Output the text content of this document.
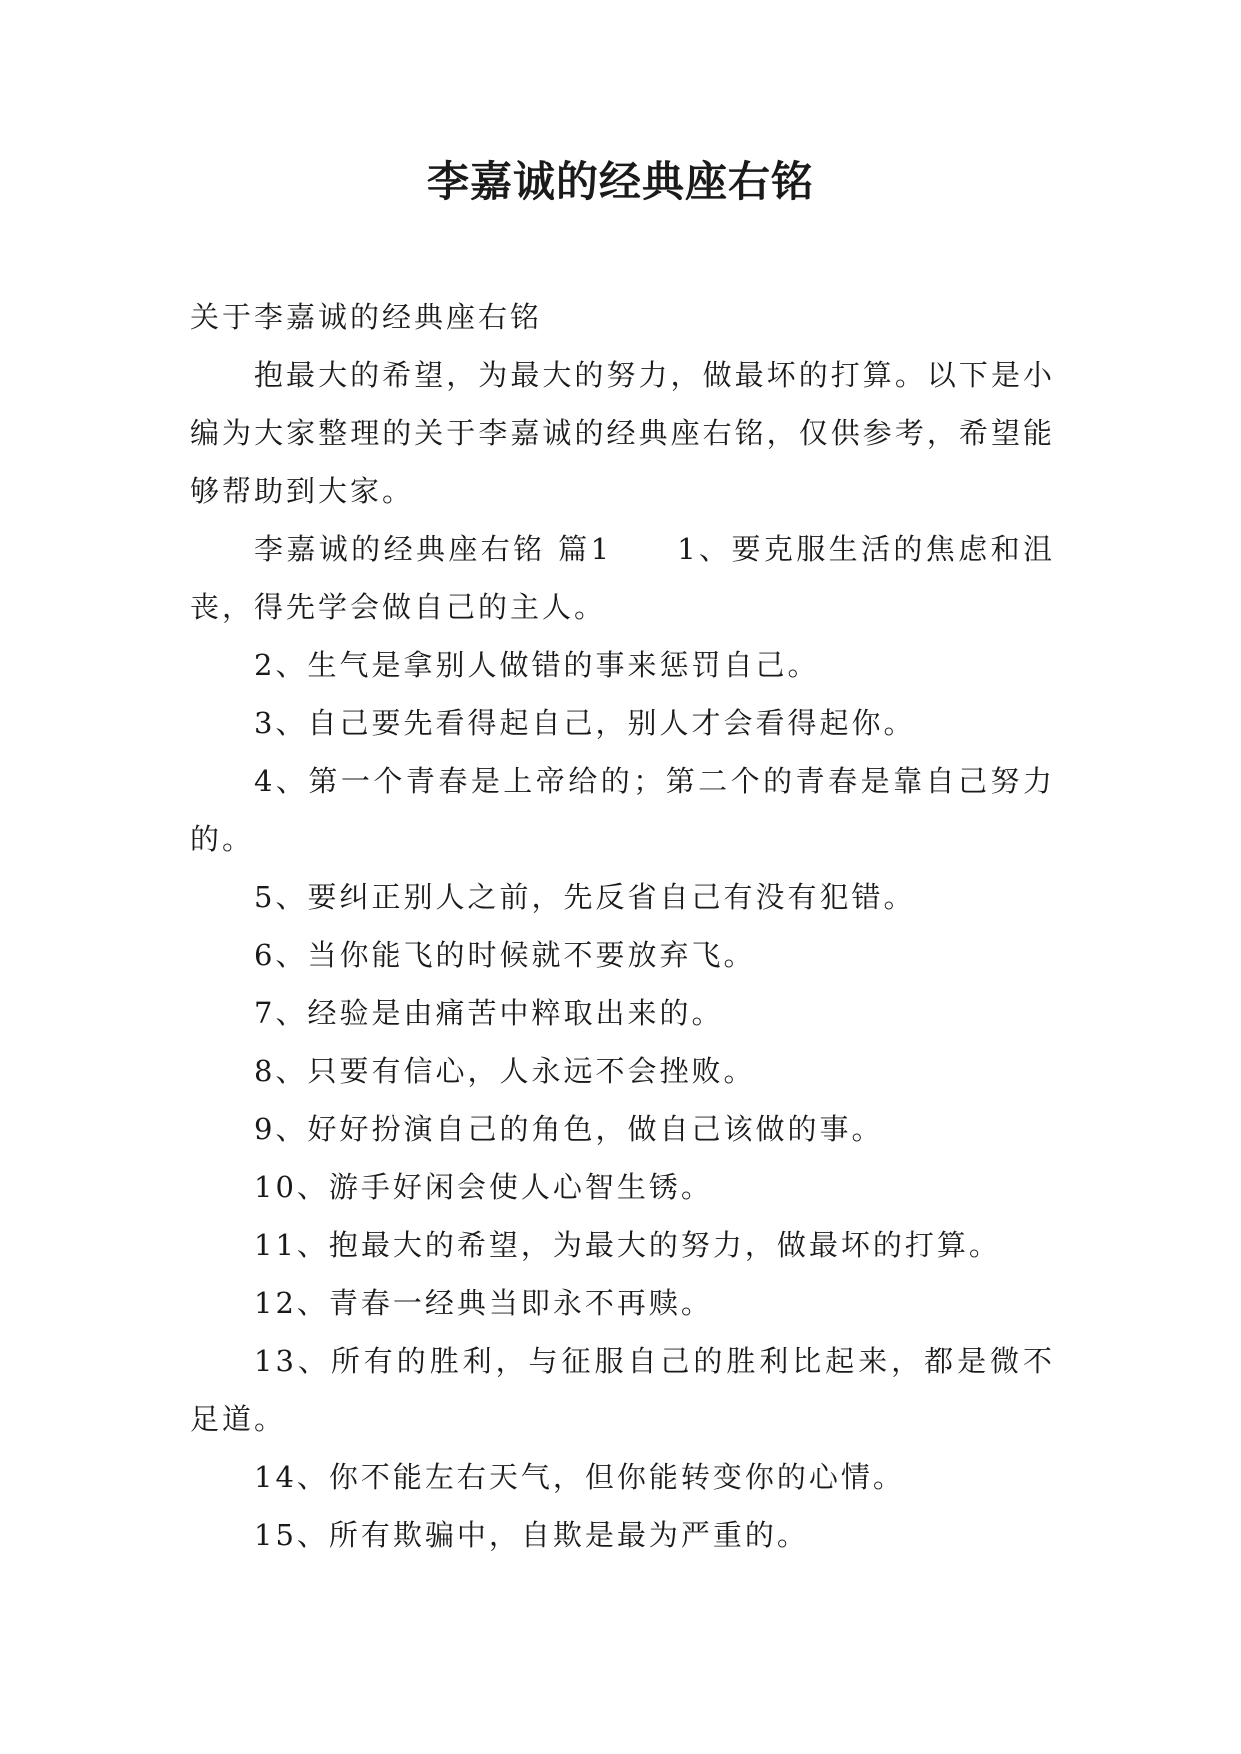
李嘉诚的经典座右铭

关于李嘉诚的经典座右铭

抱最大的希望，为最大的努力，做最坏的打算。以下是小编为大家整理的关于李嘉诚的经典座右铭，仅供参考，希望能够帮助到大家。

李嘉诚的经典座右铭 篇1　　1、要克服生活的焦虑和沮丧，得先学会做自己的主人。

2、生气是拿别人做错的事来惩罚自己。

3、自己要先看得起自己，别人才会看得起你。

4、第一个青春是上帝给的；第二个的青春是靠自己努力的。

5、要纠正别人之前，先反省自己有没有犯错。

6、当你能飞的时候就不要放弃飞。

7、经验是由痛苦中粹取出来的。

8、只要有信心，人永远不会挫败。

9、好好扮演自己的角色，做自己该做的事。

10、游手好闲会使人心智生锈。

11、抱最大的希望，为最大的努力，做最坏的打算。

12、青春一经典当即永不再赎。

13、所有的胜利，与征服自己的胜利比起来，都是微不足道。

14、你不能左右天气，但你能转变你的心情。

15、所有欺骗中，自欺是最为严重的。
